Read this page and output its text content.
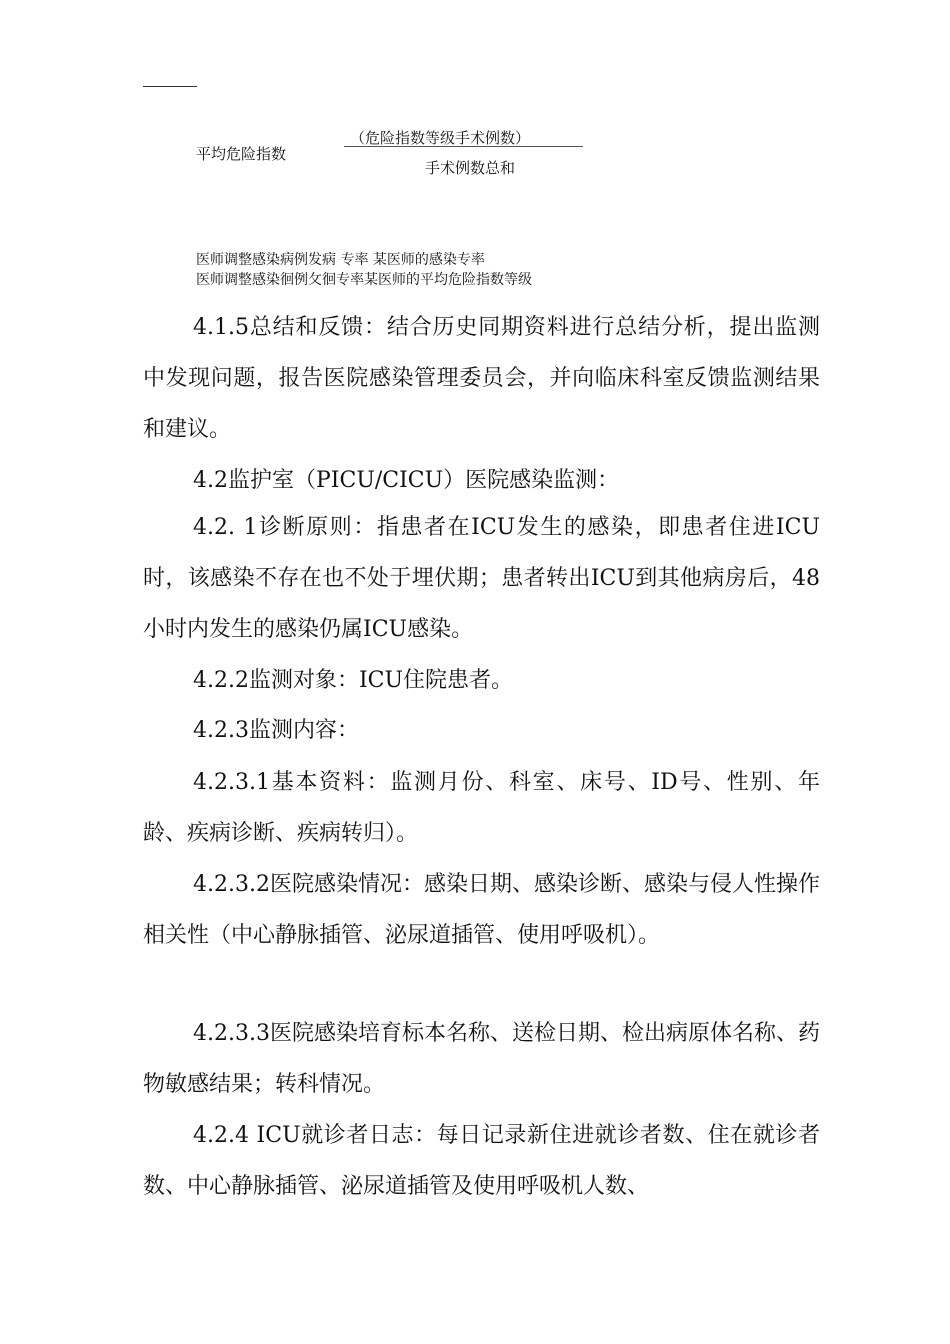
平均危险指数
（危险指数等级手术例数）
手术例数总和
医师调整感染病例发病 专率 某医师的感染专率
医师调整感染徊例攵徊专率某医师的平均危险指数等级
4.1.5总结和反馈：结合历史同期资料进行总结分析，提出监测中发现问题，报告医院感染管理委员会，并向临床科室反馈监测结果和建议。
4.2监护室（PICU/CICU）医院感染监测：
4.2. 1诊断原则：指患者在ICU发生的感染，即患者住进ICU时，该感染不存在也不处于埋伏期；患者转出ICU到其他病房后，48小时内发生的感染仍属ICU感染。
4.2.2监测对象：ICU住院患者。
4.2.3监测内容：
4.2.3.1基本资料：监测月份、科室、床号、ID号、性别、年龄、疾病诊断、疾病转归）。
4.2.3.2医院感染情况：感染日期、感染诊断、感染与侵人性操作相关性（中心静脉插管、泌尿道插管、使用呼吸机）。
4.2.3.3医院感染培育标本名称、送检日期、检出病原体名称、药物敏感结果；转科情况。
4.2.4 ICU就诊者日志：每日记录新住进就诊者数、住在就诊者数、中心静脉插管、泌尿道插管及使用呼吸机人数、
